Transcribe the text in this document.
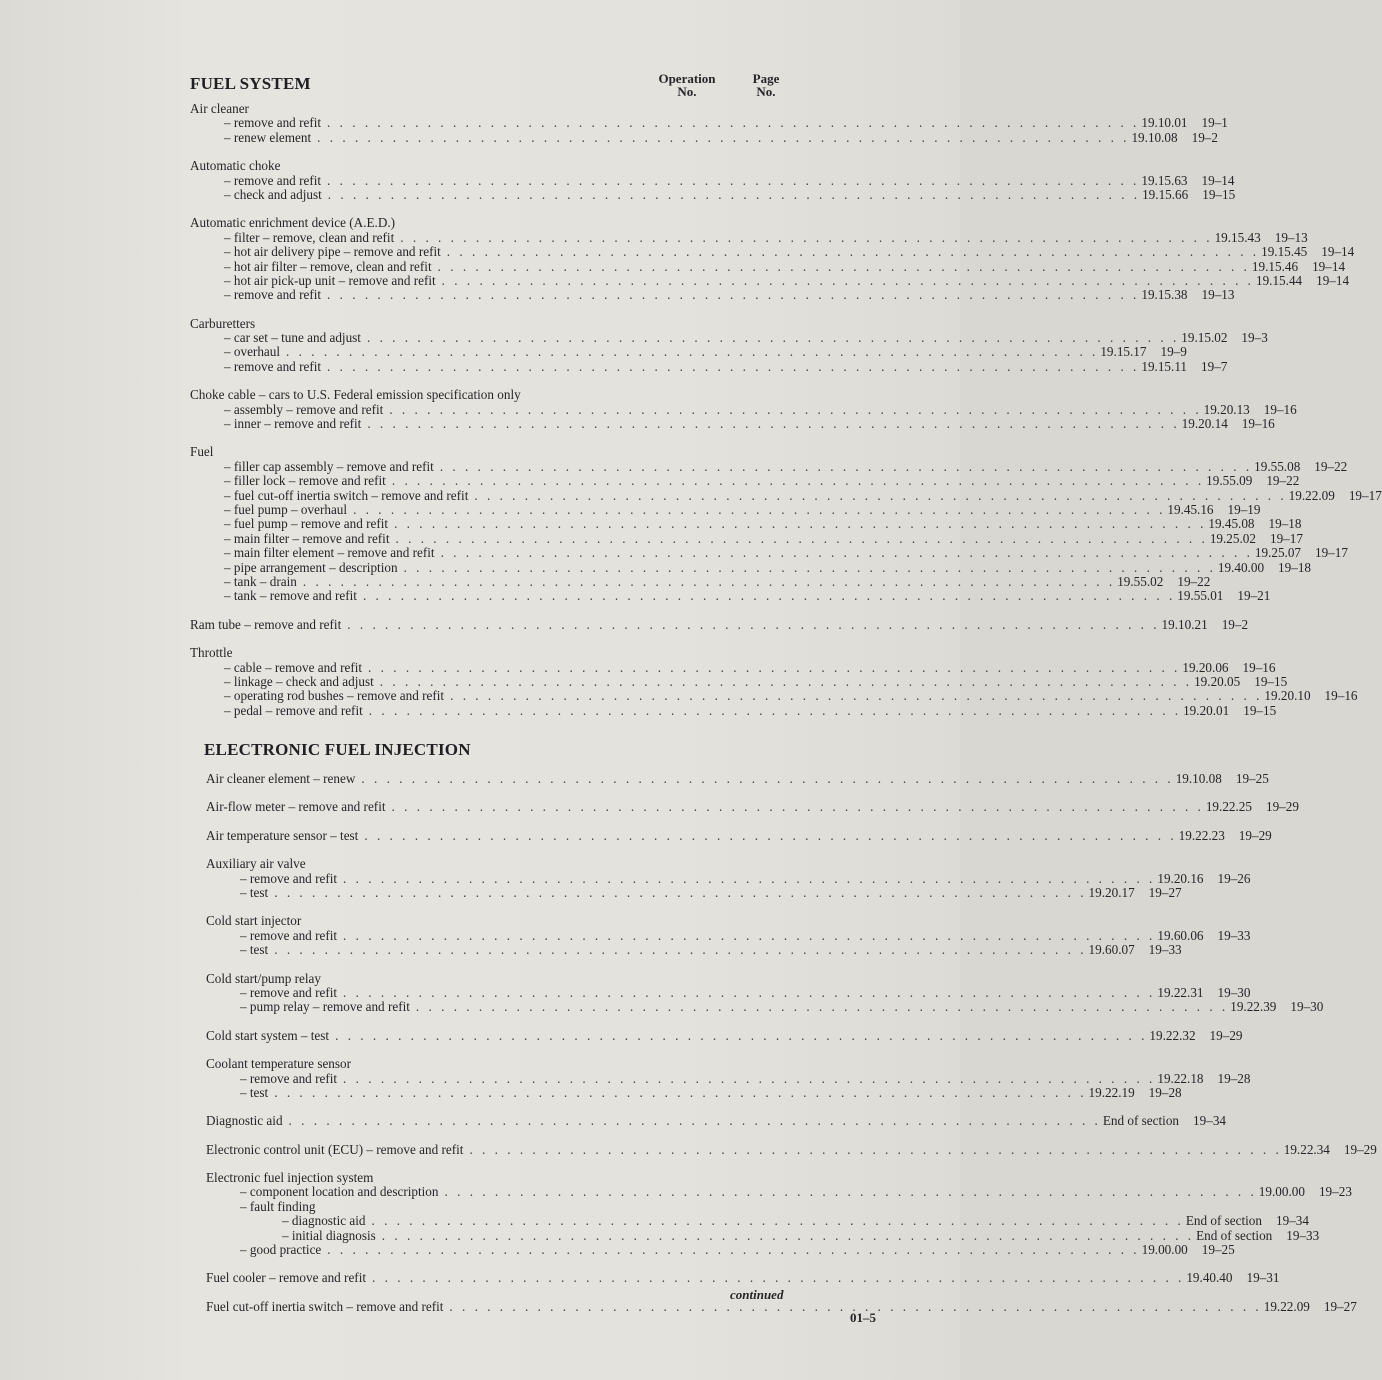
Operation
No.
Page
No.
FUEL SYSTEM
Air cleaner
– remove and refit . . . . . . . . . . . . . . . . . . . . . . . . . . . . . . . . . . . . . . . . . . . . . . . . . . . . . . . . . . . . . . . . . 19.10.01	19–1
– renew element . . . . . . . . . . . . . . . . . . . . . . . . . . . . . . . . . . . . . . . . . . . . . . . . . . . . . . . . . . . . . . . . . 19.10.08	19–2
Automatic choke
– remove and refit . . . . . . . . . . . . . . . . . . . . . . . . . . . . . . . . . . . . . . . . . . . . . . . . . . . . . . . . . . . . . . . . . 19.15.63	19–14
– check and adjust . . . . . . . . . . . . . . . . . . . . . . . . . . . . . . . . . . . . . . . . . . . . . . . . . . . . . . . . . . . . . . . . . 19.15.66	19–15
Automatic enrichment device (A.E.D.)
– filter – remove, clean and refit . . . . . . . . . . . . . . . . . . . . . . . . . . . . . . . . . . . . . . . . . . . . . . . . . . . . . . . . . . . . . . . . . 19.15.43	19–13
– hot air delivery pipe – remove and refit . . . . . . . . . . . . . . . . . . . . . . . . . . . . . . . . . . . . . . . . . . . . . . . . . . . . . . . . . . . . . . . . . 19.15.45	19–14
– hot air filter – remove, clean and refit . . . . . . . . . . . . . . . . . . . . . . . . . . . . . . . . . . . . . . . . . . . . . . . . . . . . . . . . . . . . . . . . . 19.15.46	19–14
– hot air pick-up unit – remove and refit . . . . . . . . . . . . . . . . . . . . . . . . . . . . . . . . . . . . . . . . . . . . . . . . . . . . . . . . . . . . . . . . . 19.15.44	19–14
– remove and refit . . . . . . . . . . . . . . . . . . . . . . . . . . . . . . . . . . . . . . . . . . . . . . . . . . . . . . . . . . . . . . . . . 19.15.38	19–13
Carburetters
– car set – tune and adjust . . . . . . . . . . . . . . . . . . . . . . . . . . . . . . . . . . . . . . . . . . . . . . . . . . . . . . . . . . . . . . . . . 19.15.02	19–3
– overhaul . . . . . . . . . . . . . . . . . . . . . . . . . . . . . . . . . . . . . . . . . . . . . . . . . . . . . . . . . . . . . . . . . 19.15.17	19–9
– remove and refit . . . . . . . . . . . . . . . . . . . . . . . . . . . . . . . . . . . . . . . . . . . . . . . . . . . . . . . . . . . . . . . . . 19.15.11	19–7
Choke cable – cars to U.S. Federal emission specification only
– assembly – remove and refit . . . . . . . . . . . . . . . . . . . . . . . . . . . . . . . . . . . . . . . . . . . . . . . . . . . . . . . . . . . . . . . . . 19.20.13	19–16
– inner – remove and refit . . . . . . . . . . . . . . . . . . . . . . . . . . . . . . . . . . . . . . . . . . . . . . . . . . . . . . . . . . . . . . . . . 19.20.14	19–16
Fuel
– filler cap assembly – remove and refit . . . . . . . . . . . . . . . . . . . . . . . . . . . . . . . . . . . . . . . . . . . . . . . . . . . . . . . . . . . . . . . . . 19.55.08	19–22
– filler lock – remove and refit . . . . . . . . . . . . . . . . . . . . . . . . . . . . . . . . . . . . . . . . . . . . . . . . . . . . . . . . . . . . . . . . . 19.55.09	19–22
– fuel cut-off inertia switch – remove and refit . . . . . . . . . . . . . . . . . . . . . . . . . . . . . . . . . . . . . . . . . . . . . . . . . . . . . . . . . . . . . . . . . 19.22.09	19–17
– fuel pump – overhaul . . . . . . . . . . . . . . . . . . . . . . . . . . . . . . . . . . . . . . . . . . . . . . . . . . . . . . . . . . . . . . . . . 19.45.16	19–19
– fuel pump – remove and refit . . . . . . . . . . . . . . . . . . . . . . . . . . . . . . . . . . . . . . . . . . . . . . . . . . . . . . . . . . . . . . . . . 19.45.08	19–18
– main filter – remove and refit . . . . . . . . . . . . . . . . . . . . . . . . . . . . . . . . . . . . . . . . . . . . . . . . . . . . . . . . . . . . . . . . . 19.25.02	19–17
– main filter element – remove and refit . . . . . . . . . . . . . . . . . . . . . . . . . . . . . . . . . . . . . . . . . . . . . . . . . . . . . . . . . . . . . . . . . 19.25.07	19–17
– pipe arrangement – description . . . . . . . . . . . . . . . . . . . . . . . . . . . . . . . . . . . . . . . . . . . . . . . . . . . . . . . . . . . . . . . . . 19.40.00	19–18
– tank – drain . . . . . . . . . . . . . . . . . . . . . . . . . . . . . . . . . . . . . . . . . . . . . . . . . . . . . . . . . . . . . . . . . 19.55.02	19–22
– tank – remove and refit . . . . . . . . . . . . . . . . . . . . . . . . . . . . . . . . . . . . . . . . . . . . . . . . . . . . . . . . . . . . . . . . . 19.55.01	19–21
Ram tube – remove and refit . . . . . . . . . . . . . . . . . . . . . . . . . . . . . . . . . . . . . . . . . . . . . . . . . . . . . . . . . . . . . . . . . 19.10.21	19–2
Throttle
– cable – remove and refit . . . . . . . . . . . . . . . . . . . . . . . . . . . . . . . . . . . . . . . . . . . . . . . . . . . . . . . . . . . . . . . . . 19.20.06	19–16
– linkage – check and adjust . . . . . . . . . . . . . . . . . . . . . . . . . . . . . . . . . . . . . . . . . . . . . . . . . . . . . . . . . . . . . . . . . 19.20.05	19–15
– operating rod bushes – remove and refit . . . . . . . . . . . . . . . . . . . . . . . . . . . . . . . . . . . . . . . . . . . . . . . . . . . . . . . . . . . . . . . . . 19.20.10	19–16
– pedal – remove and refit . . . . . . . . . . . . . . . . . . . . . . . . . . . . . . . . . . . . . . . . . . . . . . . . . . . . . . . . . . . . . . . . . 19.20.01	19–15
ELECTRONIC FUEL INJECTION
Air cleaner element – renew . . . . . . . . . . . . . . . . . . . . . . . . . . . . . . . . . . . . . . . . . . . . . . . . . . . . . . . . . . . . . . . . . 19.10.08	19–25
Air-flow meter – remove and refit . . . . . . . . . . . . . . . . . . . . . . . . . . . . . . . . . . . . . . . . . . . . . . . . . . . . . . . . . . . . . . . . . 19.22.25	19–29
Air temperature sensor – test . . . . . . . . . . . . . . . . . . . . . . . . . . . . . . . . . . . . . . . . . . . . . . . . . . . . . . . . . . . . . . . . . 19.22.23	19–29
Auxiliary air valve
– remove and refit . . . . . . . . . . . . . . . . . . . . . . . . . . . . . . . . . . . . . . . . . . . . . . . . . . . . . . . . . . . . . . . . . 19.20.16	19–26
– test . . . . . . . . . . . . . . . . . . . . . . . . . . . . . . . . . . . . . . . . . . . . . . . . . . . . . . . . . . . . . . . . . 19.20.17	19–27
Cold start injector
– remove and refit . . . . . . . . . . . . . . . . . . . . . . . . . . . . . . . . . . . . . . . . . . . . . . . . . . . . . . . . . . . . . . . . . 19.60.06	19–33
– test . . . . . . . . . . . . . . . . . . . . . . . . . . . . . . . . . . . . . . . . . . . . . . . . . . . . . . . . . . . . . . . . . 19.60.07	19–33
Cold start/pump relay
– remove and refit . . . . . . . . . . . . . . . . . . . . . . . . . . . . . . . . . . . . . . . . . . . . . . . . . . . . . . . . . . . . . . . . . 19.22.31	19–30
– pump relay – remove and refit . . . . . . . . . . . . . . . . . . . . . . . . . . . . . . . . . . . . . . . . . . . . . . . . . . . . . . . . . . . . . . . . . 19.22.39	19–30
Cold start system – test . . . . . . . . . . . . . . . . . . . . . . . . . . . . . . . . . . . . . . . . . . . . . . . . . . . . . . . . . . . . . . . . . 19.22.32	19–29
Coolant temperature sensor
– remove and refit . . . . . . . . . . . . . . . . . . . . . . . . . . . . . . . . . . . . . . . . . . . . . . . . . . . . . . . . . . . . . . . . . 19.22.18	19–28
– test . . . . . . . . . . . . . . . . . . . . . . . . . . . . . . . . . . . . . . . . . . . . . . . . . . . . . . . . . . . . . . . . . 19.22.19	19–28
Diagnostic aid . . . . . . . . . . . . . . . . . . . . . . . . . . . . . . . . . . . . . . . . . . . . . . . . . . . . . . . . . . . . . . . . . End of section	19–34
Electronic control unit (ECU) – remove and refit . . . . . . . . . . . . . . . . . . . . . . . . . . . . . . . . . . . . . . . . . . . . . . . . . . . . . . . . . . . . . . . . . 19.22.34	19–29
Electronic fuel injection system
– component location and description . . . . . . . . . . . . . . . . . . . . . . . . . . . . . . . . . . . . . . . . . . . . . . . . . . . . . . . . . . . . . . . . . 19.00.00	19–23
– fault finding
– diagnostic aid . . . . . . . . . . . . . . . . . . . . . . . . . . . . . . . . . . . . . . . . . . . . . . . . . . . . . . . . . . . . . . . . . End of section	19–34
– initial diagnosis . . . . . . . . . . . . . . . . . . . . . . . . . . . . . . . . . . . . . . . . . . . . . . . . . . . . . . . . . . . . . . . . . End of section	19–33
– good practice . . . . . . . . . . . . . . . . . . . . . . . . . . . . . . . . . . . . . . . . . . . . . . . . . . . . . . . . . . . . . . . . . 19.00.00	19–25
Fuel cooler – remove and refit . . . . . . . . . . . . . . . . . . . . . . . . . . . . . . . . . . . . . . . . . . . . . . . . . . . . . . . . . . . . . . . . . 19.40.40	19–31
Fuel cut-off inertia switch – remove and refit . . . . . . . . . . . . . . . . . . . . . . . . . . . . . . . . . . . . . . . . . . . . . . . . . . . . . . . . . . . . . . . . . 19.22.09	19–27
continued
01–5
